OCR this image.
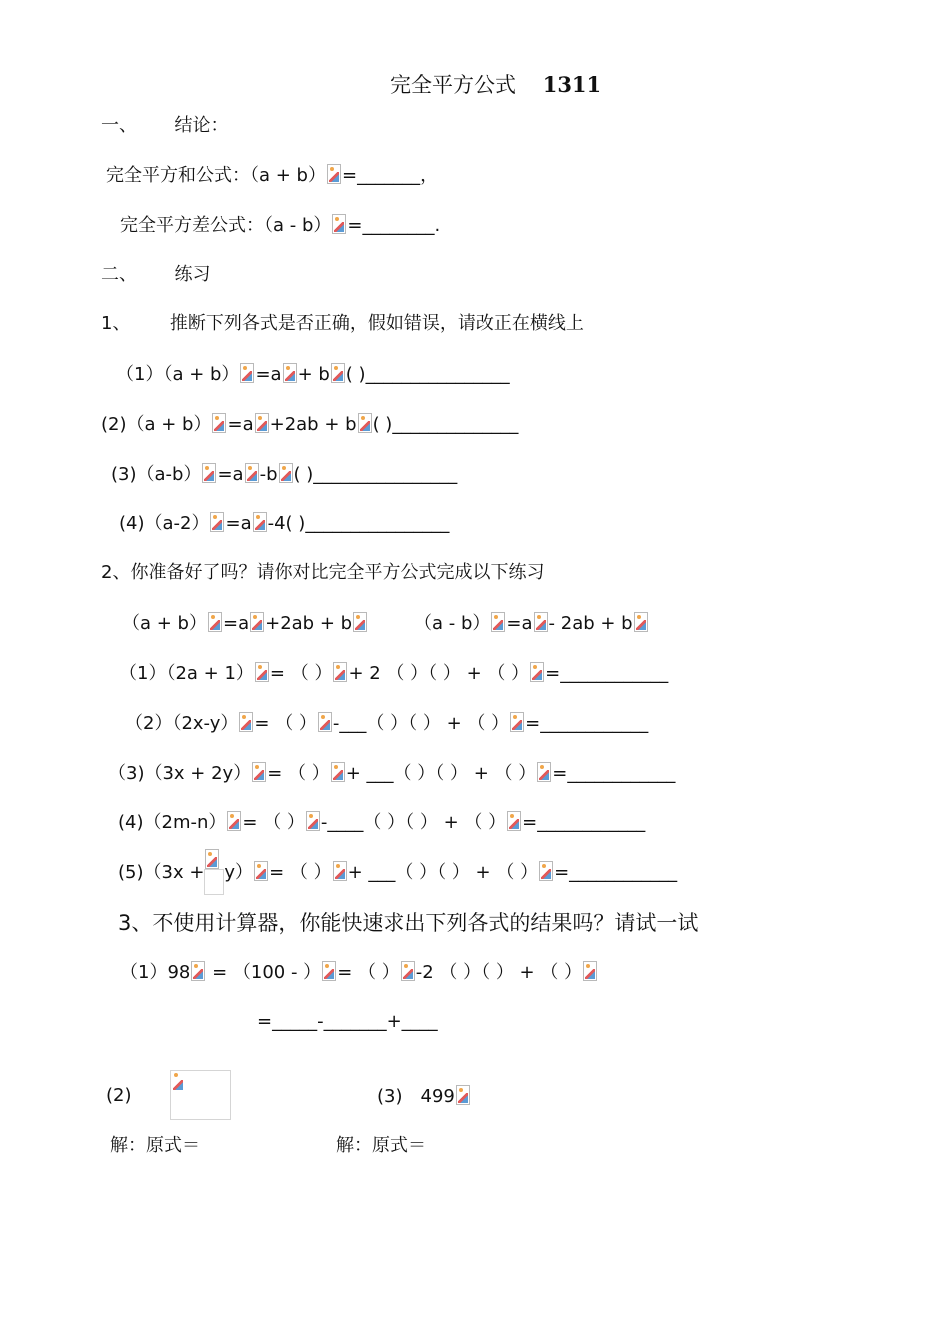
完全平方公式 1311
一、 结论：
完全平方和公式：（a + b） =_______，
完全平方差公式：（a - b） =________.
二、 练习
1、 推断下列各式是否正确，假如错误，请改正在横线上
（1）（a + b） =a + b ( )________________
(2)（a + b） =a +2ab + b ( )______________
(3)（a-b） =a -b ( )________________
(4)（a-2） =a -4( )________________
2、你准备好了吗？请你对比完全平方公式完成以下练习
（a + b） =a +2ab + b	（a - b） =a - 2ab + b
（1）（2a + 1） = （ ） + 2 （ ）（ ） + （ ） =____________
（2）（2x-y） = （ ） -___（ ）（ ） + （ ） =____________
（3)（3x + 2y） = （ ） + ___（ ）（ ） + （ ） =____________
(4)（2m-n） = （ ） -____（ ）（ ） + （ ） =____________
(5)（3x + y） = （ ） + ___（ ）（ ） + （ ） =____________
3、不使用计算器，你能快速求出下列各式的结果吗？请试一试
（1）98 = （100 - ） = （ ） -2 （ ）（ ） + （ ）
=_____-_______+____
(2)	(3)　499
解：原式＝	解：原式＝
